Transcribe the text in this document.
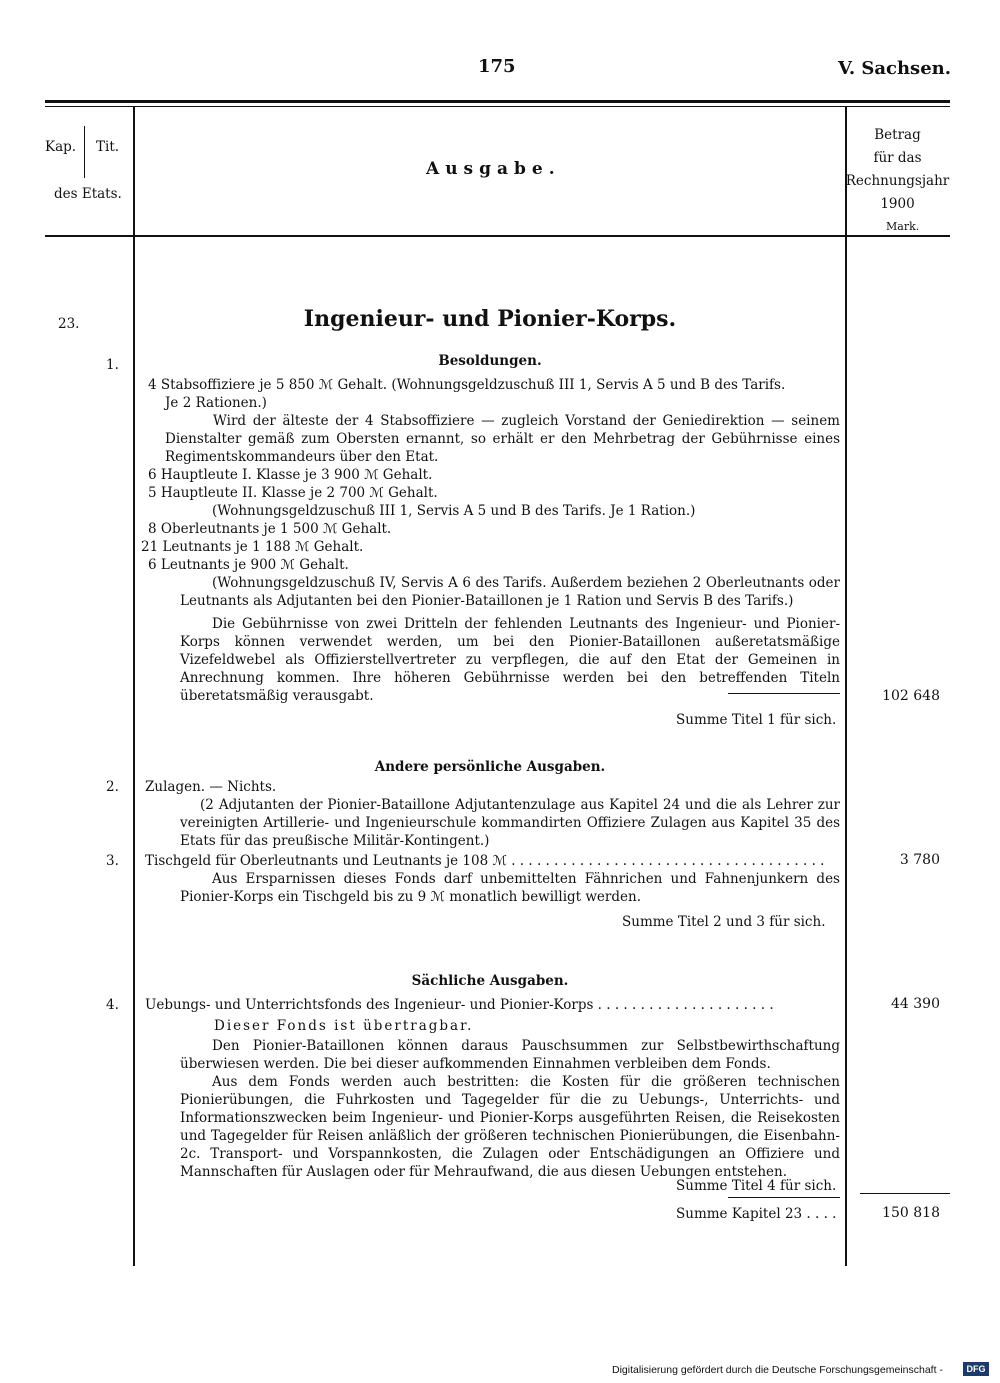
175	V. Sachsen.
Kap. Tit.
des Etats.
Ausgabe.
Betrag
für das
Rechnungsjahr
1900
Mark.
23.	Ingenieur- und Pionier-Korps.
Besoldungen.
1.
4 Stabsoffiziere je 5 850 ℳ Gehalt. (Wohnungsgeldzuschuß III 1, Servis A 5 und B des Tarifs.
Je 2 Rationen.)
Wird der älteste der 4 Stabsoffiziere — zugleich Vorstand der Geniedirektion — seinem Dienstalter gemäß zum Obersten ernannt, so erhält er den Mehrbetrag der Gebührnisse eines Regimentskommandeurs über den Etat.
6 Hauptleute I. Klasse je 3 900 ℳ Gehalt.
5 Hauptleute II. Klasse je 2 700 ℳ Gehalt.
(Wohnungsgeldzuschuß III 1, Servis A 5 und B des Tarifs. Je 1 Ration.)
8 Oberleutnants je 1 500 ℳ Gehalt.
21 Leutnants je 1 188 ℳ Gehalt.
6 Leutnants je 900 ℳ Gehalt.
(Wohnungsgeldzuschuß IV, Servis A 6 des Tarifs. Außerdem beziehen 2 Oberleutnants oder Leutnants als Adjutanten bei den Pionier-Bataillonen je 1 Ration und Servis B des Tarifs.)
Die Gebührnisse von zwei Dritteln der fehlenden Leutnants des Ingenieur- und Pionier-Korps können verwendet werden, um bei den Pionier-Bataillonen außeretatsmäßige Vizefeldwebel als Offizierstellvertreter zu verpflegen, die auf den Etat der Gemeinen in Anrechnung kommen. Ihre höheren Gebührnisse werden bei den betreffenden Titeln überetatsmäßig verausgabt.	102 648
Summe Titel 1 für sich.
Andere persönliche Ausgaben.
2. Zulagen. — Nichts.
(2 Adjutanten der Pionier-Bataillone Adjutantenzulage aus Kapitel 24 und die als Lehrer zur vereinigten Artillerie- und Ingenieurschule kommandirten Offiziere Zulagen aus Kapitel 35 des Etats für das preußische Militär-Kontingent.)
3. Tischgeld für Oberleutnants und Leutnants je 108 ℳ . . . . . . . . . . . . . . . . . . . . . . . . . . . . . . . . . . . . .	3 780
Aus Ersparnissen dieses Fonds darf unbemittelten Fähnrichen und Fahnenjunkern des Pionier-Korps ein Tischgeld bis zu 9 ℳ monatlich bewilligt werden.
Summe Titel 2 und 3 für sich.
Sächliche Ausgaben.
4. Uebungs- und Unterrichtsfonds des Ingenieur- und Pionier-Korps . . . . . . . . . . . . . . . . . . . . .	44 390
Dieser Fonds ist übertragbar.
Den Pionier-Bataillonen können daraus Pauschsummen zur Selbstbewirthschaftung überwiesen werden. Die bei dieser aufkommenden Einnahmen verbleiben dem Fonds.
Aus dem Fonds werden auch bestritten: die Kosten für die größeren technischen Pionierübungen, die Fuhrkosten und Tagegelder für die zu Uebungs-, Unterrichts- und Informationszwecken beim Ingenieur- und Pionier-Korps ausgeführten Reisen, die Reisekosten und Tagegelder für Reisen anläßlich der größeren technischen Pionierübungen, die Eisenbahn- 2c. Transport- und Vorspannkosten, die Zulagen oder Entschädigungen an Offiziere und Mannschaften für Auslagen oder für Mehraufwand, die aus diesen Uebungen entstehen.
Summe Titel 4 für sich.
Summe Kapitel 23 . . . .	150 818
Digitalisierung gefördert durch die Deutsche Forschungsgemeinschaft -	DFG
